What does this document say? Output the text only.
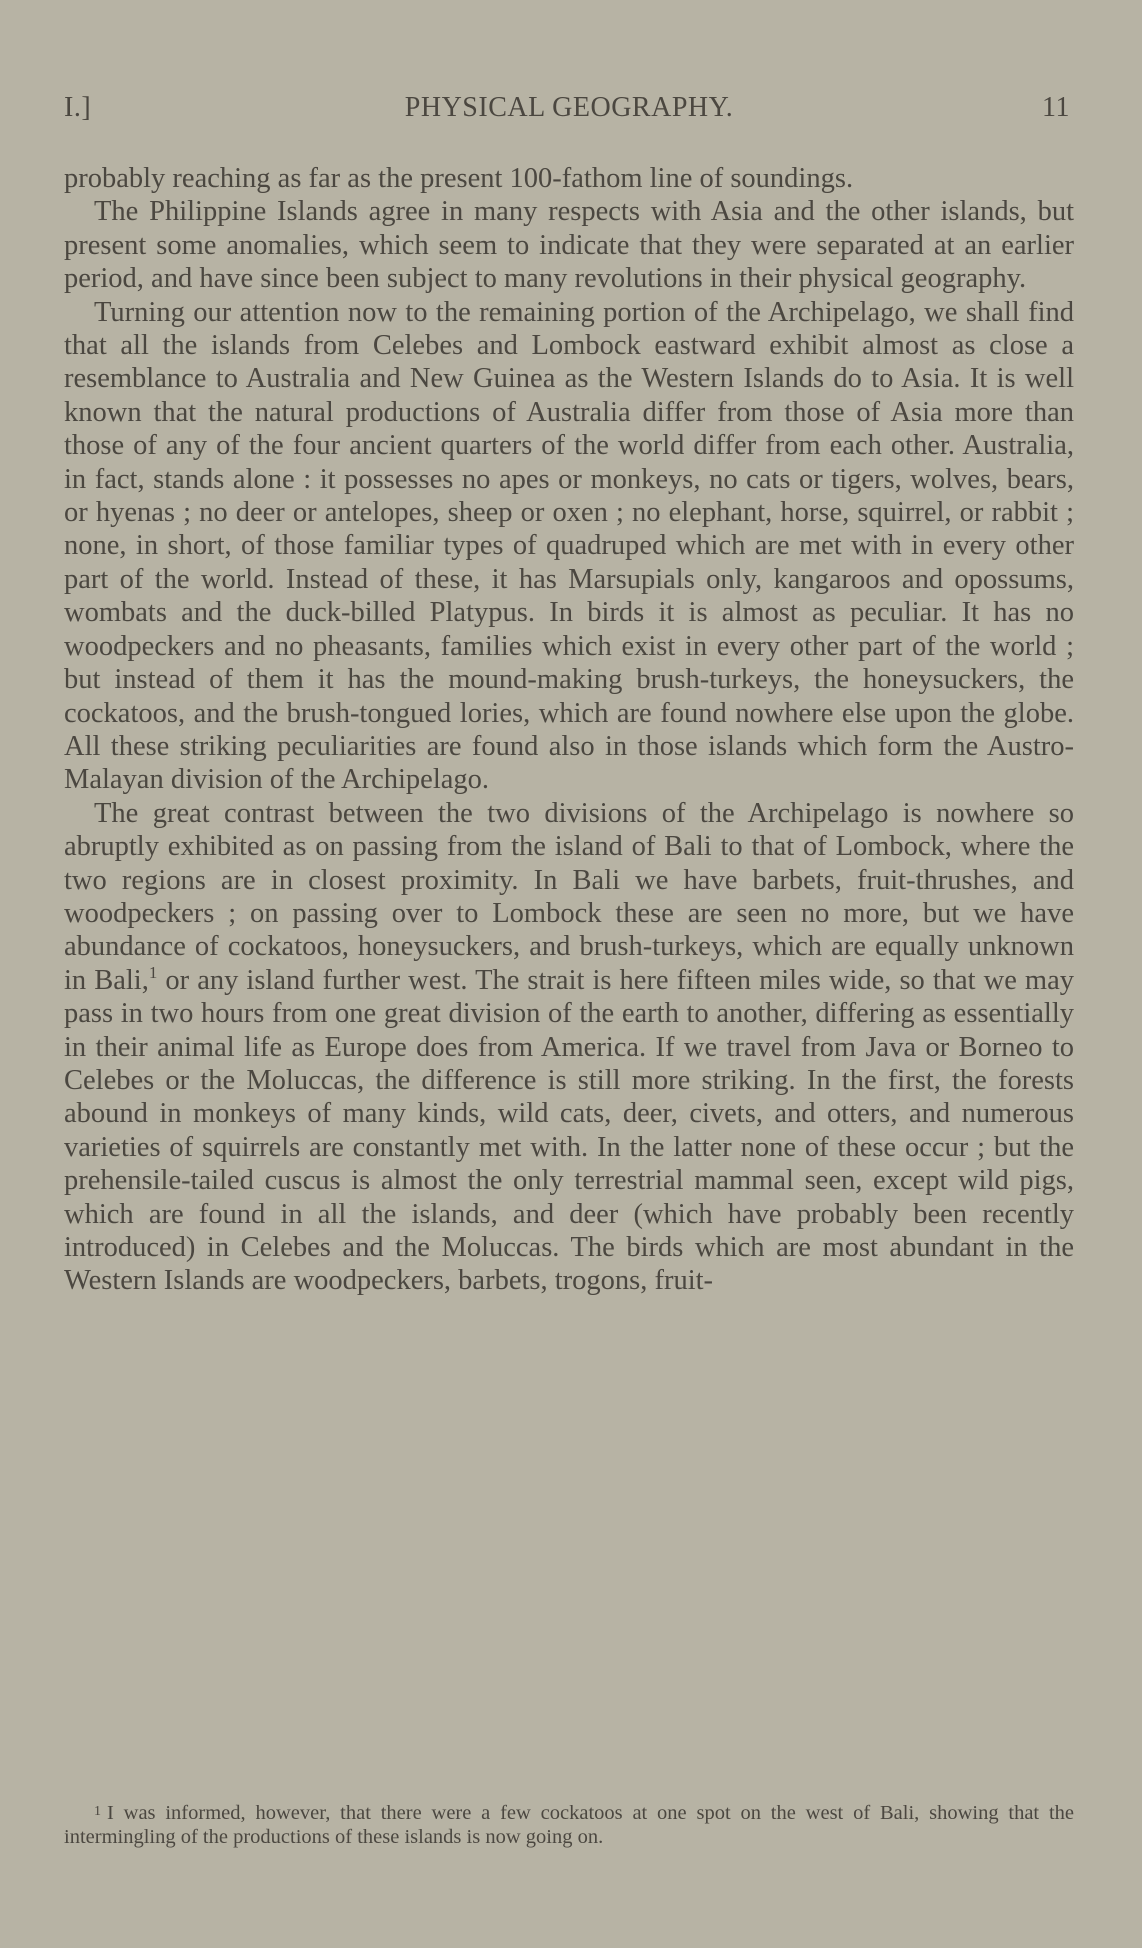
I.]	PHYSICAL GEOGRAPHY.	11

probably reaching as far as the present 100-fathom line of soundings.

The Philippine Islands agree in many respects with Asia and the other islands, but present some anomalies, which seem to indicate that they were separated at an earlier period, and have since been subject to many revolutions in their physical geography.

Turning our attention now to the remaining portion of the Archipelago, we shall find that all the islands from Celebes and Lombock eastward exhibit almost as close a resemblance to Australia and New Guinea as the Western Islands do to Asia. It is well known that the natural productions of Australia differ from those of Asia more than those of any of the four ancient quarters of the world differ from each other. Australia, in fact, stands alone : it possesses no apes or monkeys, no cats or tigers, wolves, bears, or hyenas ; no deer or antelopes, sheep or oxen ; no elephant, horse, squirrel, or rabbit ; none, in short, of those familiar types of quadruped which are met with in every other part of the world. Instead of these, it has Marsupials only, kangaroos and opossums, wombats and the duck-billed Platypus. In birds it is almost as peculiar. It has no woodpeckers and no pheasants, families which exist in every other part of the world ; but instead of them it has the mound-making brush-turkeys, the honeysuckers, the cockatoos, and the brush-tongued lories, which are found nowhere else upon the globe. All these striking peculiarities are found also in those islands which form the Austro-Malayan division of the Archipelago.

The great contrast between the two divisions of the Archipelago is nowhere so abruptly exhibited as on passing from the island of Bali to that of Lombock, where the two regions are in closest proximity. In Bali we have barbets, fruit-thrushes, and woodpeckers ; on passing over to Lombock these are seen no more, but we have abundance of cockatoos, honeysuckers, and brush-turkeys, which are equally unknown in Bali,$^1$ or any island further west. The strait is here fifteen miles wide, so that we may pass in two hours from one great division of the earth to another, differing as essentially in their animal life as Europe does from America. If we travel from Java or Borneo to Celebes or the Moluccas, the difference is still more striking. In the first, the forests abound in monkeys of many kinds, wild cats, deer, civets, and otters, and numerous varieties of squirrels are constantly met with. In the latter none of these occur ; but the prehensile-tailed cuscus is almost the only terrestrial mammal seen, except wild pigs, which are found in all the islands, and deer (which have probably been recently introduced) in Celebes and the Moluccas. The birds which are most abundant in the Western Islands are woodpeckers, barbets, trogons, fruit-

1 I was informed, however, that there were a few cockatoos at one spot on the west of Bali, showing that the intermingling of the productions of these islands is now going on.
